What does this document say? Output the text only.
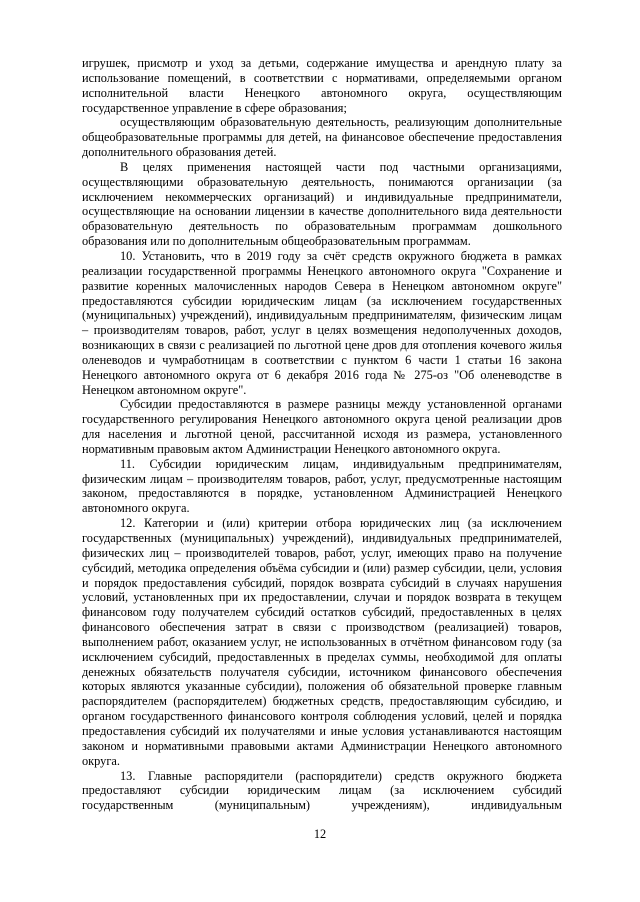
игрушек, присмотр и уход за детьми, содержание имущества и арендную плату за использование помещений, в соответствии с нормативами, определяемыми органом исполнительной власти Ненецкого автономного округа, осуществляющим государственное управление в сфере образования;

осуществляющим образовательную деятельность, реализующим дополнительные общеобразовательные программы для детей, на финансовое обеспечение предоставления дополнительного образования детей.

В целях применения настоящей части под частными организациями, осуществляющими образовательную деятельность, понимаются организации (за исключением некоммерческих организаций) и индивидуальные предприниматели, осуществляющие на основании лицензии в качестве дополнительного вида деятельности образовательную деятельность по образовательным программам дошкольного образования или по дополнительным общеобразовательным программам.

10. Установить, что в 2019 году за счёт средств окружного бюджета в рамках реализации государственной программы Ненецкого автономного округа "Сохранение и развитие коренных малочисленных народов Севера в Ненецком автономном округе" предоставляются субсидии юридическим лицам (за исключением государственных (муниципальных) учреждений), индивидуальным предпринимателям, физическим лицам – производителям товаров, работ, услуг в целях возмещения недополученных доходов, возникающих в связи с реализацией по льготной цене дров для отопления кочевого жилья оленеводов и чумработницам в соответствии с пунктом 6 части 1 статьи 16 закона Ненецкого автономного округа от 6 декабря 2016 года № 275-оз "Об оленеводстве в Ненецком автономном округе".

Субсидии предоставляются в размере разницы между установленной органами государственного регулирования Ненецкого автономного округа ценой реализации дров для населения и льготной ценой, рассчитанной исходя из размера, установленного нормативным правовым актом Администрации Ненецкого автономного округа.

11. Субсидии юридическим лицам, индивидуальным предпринимателям, физическим лицам – производителям товаров, работ, услуг, предусмотренные настоящим законом, предоставляются в порядке, установленном Администрацией Ненецкого автономного округа.

12. Категории и (или) критерии отбора юридических лиц (за исключением государственных (муниципальных) учреждений), индивидуальных предпринимателей, физических лиц – производителей товаров, работ, услуг, имеющих право на получение субсидий, методика определения объёма субсидии и (или) размер субсидии, цели, условия и порядок предоставления субсидий, порядок возврата субсидий в случаях нарушения условий, установленных при их предоставлении, случаи и порядок возврата в текущем финансовом году получателем субсидий остатков субсидий, предоставленных в целях финансового обеспечения затрат в связи с производством (реализацией) товаров, выполнением работ, оказанием услуг, не использованных в отчётном финансовом году (за исключением субсидий, предоставленных в пределах суммы, необходимой для оплаты денежных обязательств получателя субсидии, источником финансового обеспечения которых являются указанные субсидии), положения об обязательной проверке главным распорядителем (распорядителем) бюджетных средств, предоставляющим субсидию, и органом государственного финансового контроля соблюдения условий, целей и порядка предоставления субсидий их получателями и иные условия устанавливаются настоящим законом и нормативными правовыми актами Администрации Ненецкого автономного округа.

13. Главные распорядители (распорядители) средств окружного бюджета предоставляют субсидии юридическим лицам (за исключением субсидий государственным (муниципальным) учреждениям), индивидуальным

12
